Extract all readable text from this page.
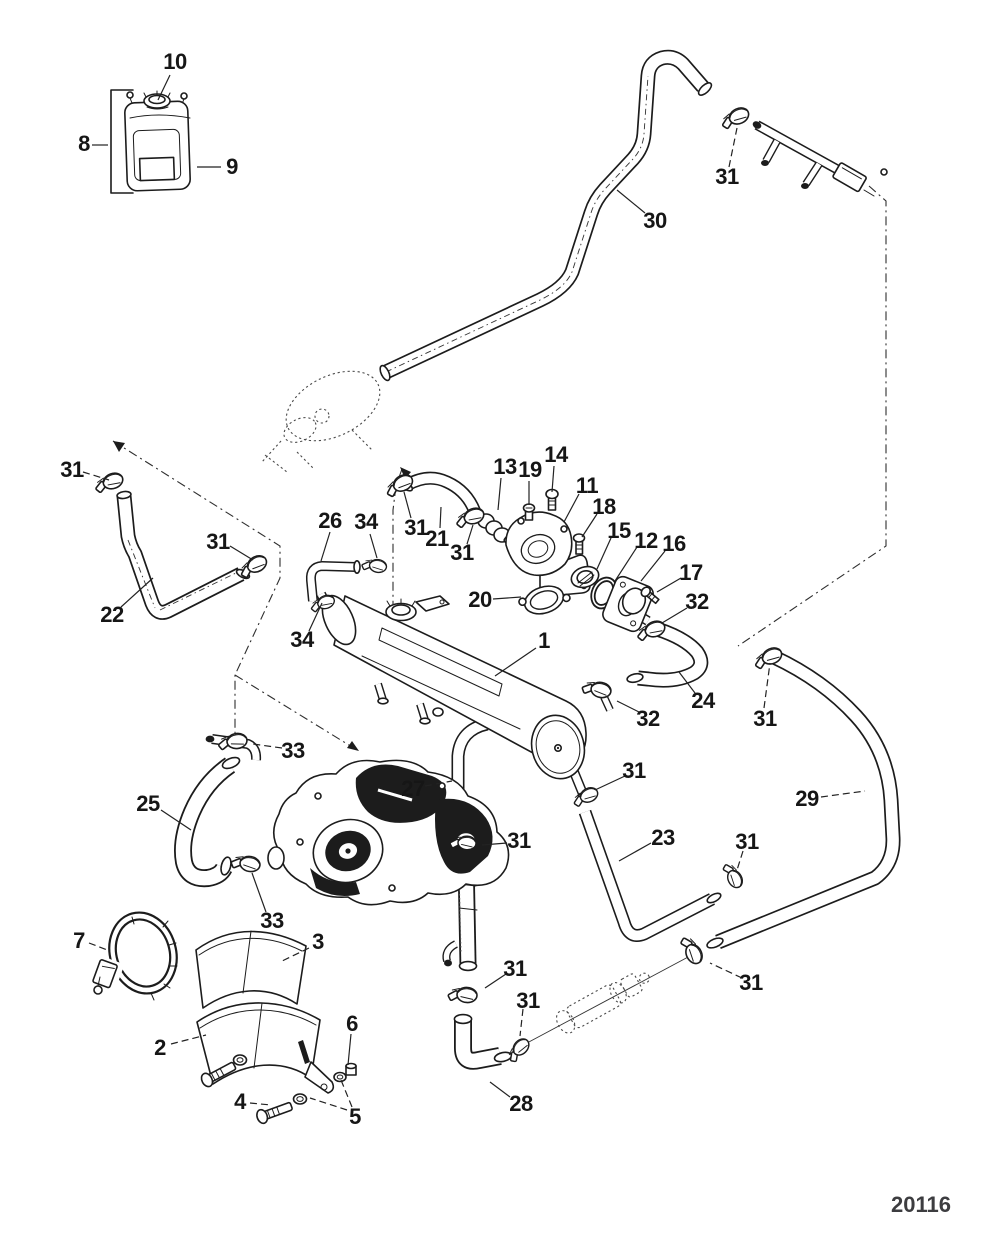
10
8
9
30
31
31
22
31
26 34
34
31
21
31
13 19
14
11
18
15 12 16
17
32
20
1
24
32	31
29
33
25
27
33
31
31
23	31
31
31
31
28
7	3
2
4
6
5
20116
